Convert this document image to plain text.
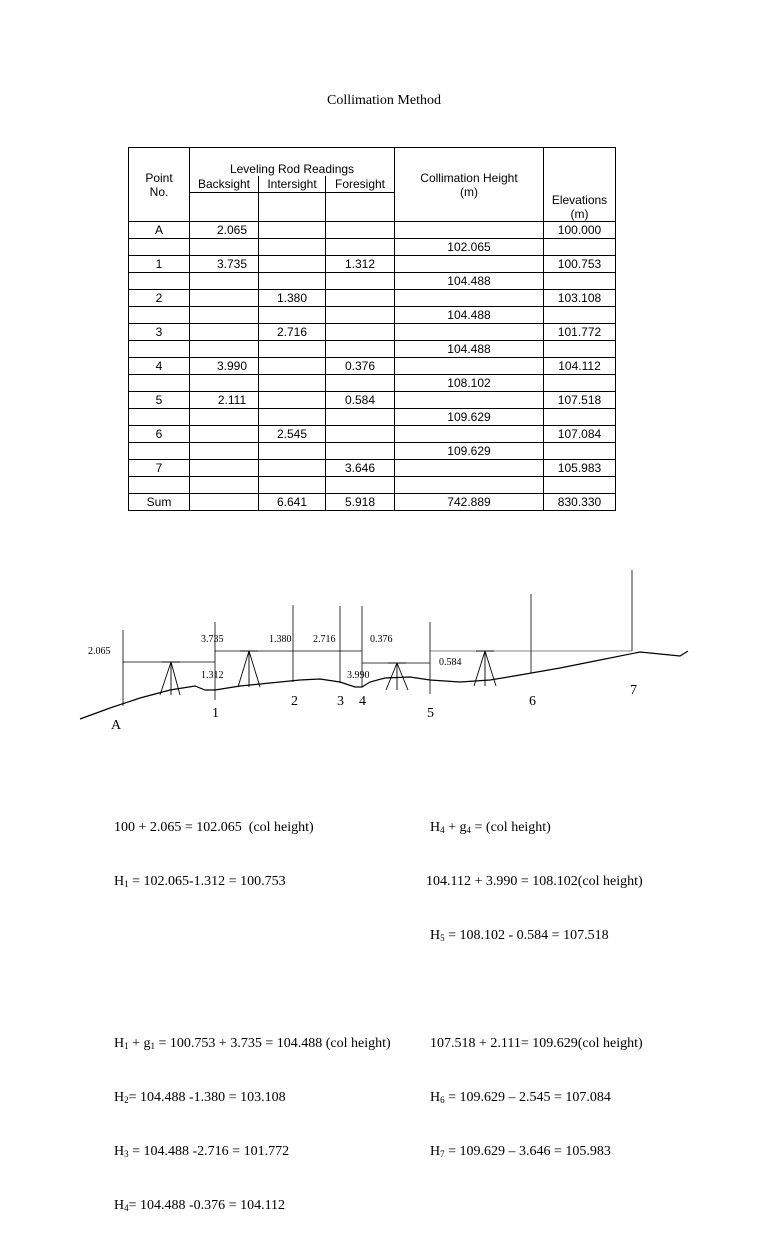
Collimation Method
Point No.	Leveling Rod Readings			Collimation Height (m)	Elevations (m)
	Backsight	Intersight	Foresight		

A	2.065				100.000
				102.065	
1	3.735		1.312		100.753
				104.488	
2		1.380			103.108
				104.488	
3		2.716			101.772
				104.488	
4	3.990		0.376		104.112
				108.102	
5	2.111		0.584		107.518
				109.629	
6		2.545			107.084
				109.629	
7			3.646		105.983

Sum		6.641	5.918	742.889	830.330
2.065
3.735
1.312
1.380 2.716	0.376
3.990
0.584
A
1
2	3 4
5
6
7

100 + 2.065 = 102.065  (col height)

$H_1 = 102.065-1.312 = 100.753$

$H_1 + g_1 = 100.753 + 3.735 = 104.488$ (col height)

$H_2= 104.488$ -1.380 = 103.108

$H_3 = 104.488$ -2.716 = 101.772

$H_4= 104.488$ -0.376 = 104.112

$H_4 + g_4 = (col$ height)

104.112 + 3.990 = 108.102(col height)

$H_5 = 108.102 - 0.584 = 107.518$

107.518 + 2.111= 109.629(col height)

$H_6 = 109.629 - 2.545 = 107.084$

$H_7 = 109.629 - 3.646 = 105.983$
